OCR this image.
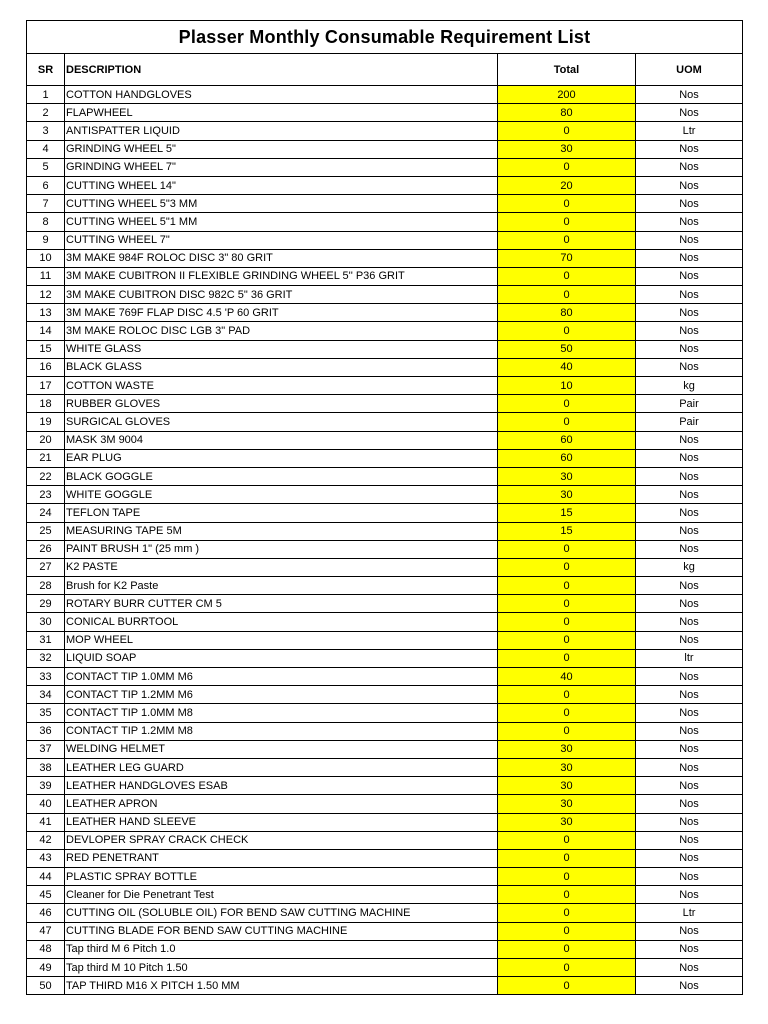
Plasser Monthly Consumable Requirement List			
SR	DESCRIPTION	Total	UOM
1	COTTON HANDGLOVES	200	Nos
2	FLAPWHEEL	80	Nos
3	ANTISPATTER LIQUID	0	Ltr
4	GRINDING WHEEL 5"	30	Nos
5	GRINDING WHEEL 7"	0	Nos
6	CUTTING WHEEL 14"	20	Nos
7	CUTTING WHEEL 5"3 MM	0	Nos
8	CUTTING WHEEL 5"1 MM	0	Nos
9	CUTTING WHEEL 7"	0	Nos
10	3M MAKE 984F ROLOC DISC 3" 80 GRIT	70	Nos
11	3M MAKE CUBITRON II FLEXIBLE GRINDING WHEEL 5'' P36 GRIT	0	Nos
12	3M MAKE CUBITRON DISC 982C 5" 36 GRIT	0	Nos
13	3M MAKE 769F FLAP DISC 4.5 'P 60 GRIT	80	Nos
14	3M MAKE ROLOC DISC LGB 3" PAD	0	Nos
15	WHITE GLASS	50	Nos
16	BLACK GLASS	40	Nos
17	COTTON WASTE	10	kg
18	RUBBER GLOVES	0	Pair
19	SURGICAL GLOVES	0	Pair
20	MASK 3M 9004	60	Nos
21	EAR PLUG	60	Nos
22	BLACK GOGGLE	30	Nos
23	WHITE GOGGLE	30	Nos
24	TEFLON TAPE	15	Nos
25	MEASURING TAPE 5M	15	Nos
26	PAINT BRUSH 1" (25 mm )	0	Nos
27	K2 PASTE	0	kg
28	Brush for K2 Paste	0	Nos
29	ROTARY BURR CUTTER CM 5	0	Nos
30	CONICAL BURRTOOL	0	Nos
31	MOP WHEEL	0	Nos
32	LIQUID SOAP	0	ltr
33	CONTACT TIP 1.0MM M6	40	Nos
34	CONTACT TIP 1.2MM M6	0	Nos
35	CONTACT TIP 1.0MM M8	0	Nos
36	CONTACT TIP 1.2MM M8	0	Nos
37	WELDING HELMET	30	Nos
38	LEATHER LEG GUARD	30	Nos
39	LEATHER HANDGLOVES ESAB	30	Nos
40	LEATHER APRON	30	Nos
41	LEATHER HAND SLEEVE	30	Nos
42	DEVLOPER SPRAY CRACK CHECK	0	Nos
43	RED PENETRANT	0	Nos
44	PLASTIC SPRAY BOTTLE	0	Nos
45	Cleaner for Die Penetrant Test	0	Nos
46	CUTTING OIL (SOLUBLE OIL) FOR BEND SAW CUTTING MACHINE	0	Ltr
47	CUTTING BLADE FOR BEND SAW CUTTING MACHINE	0	Nos
48	Tap third M 6 Pitch 1.0	0	Nos
49	Tap third M 10 Pitch 1.50	0	Nos
50	TAP THIRD M16 X PITCH 1.50 MM	0	Nos
